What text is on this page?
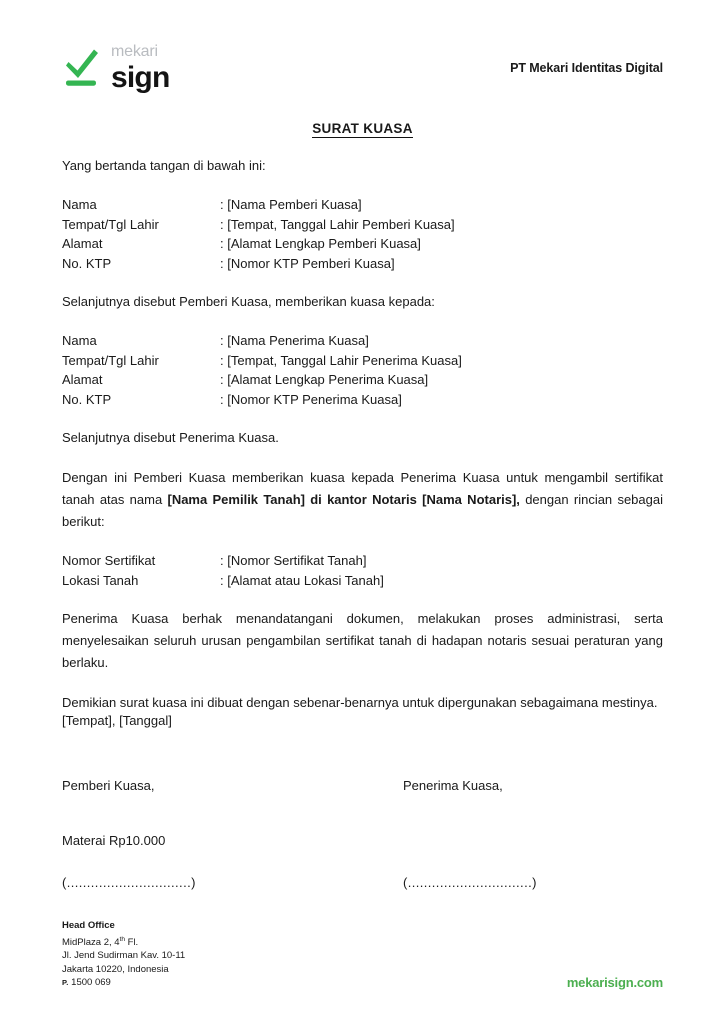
mekari
sign	PT Mekari Identitas Digital
SURAT KUASA

Yang bertanda tangan di bawah ini:

Nama	: [Nama Pemberi Kuasa]
Tempat/Tgl Lahir	: [Tempat, Tanggal Lahir Pemberi Kuasa]
Alamat	: [Alamat Lengkap Pemberi Kuasa]
No. KTP	: [Nomor KTP Pemberi Kuasa]

Selanjutnya disebut Pemberi Kuasa, memberikan kuasa kepada:

Nama	: [Nama Penerima Kuasa]
Tempat/Tgl Lahir	: [Tempat, Tanggal Lahir Penerima Kuasa]
Alamat	: [Alamat Lengkap Penerima Kuasa]
No. KTP	: [Nomor KTP Penerima Kuasa]

Selanjutnya disebut Penerima Kuasa.

Dengan ini Pemberi Kuasa memberikan kuasa kepada Penerima Kuasa untuk mengambil sertifikat tanah atas nama [Nama Pemilik Tanah] di kantor Notaris [Nama Notaris], dengan rincian sebagai berikut:

Nomor Sertifikat	: [Nomor Sertifikat Tanah]
Lokasi Tanah	: [Alamat atau Lokasi Tanah]

Penerima Kuasa berhak menandatangani dokumen, melakukan proses administrasi, serta menyelesaikan seluruh urusan pengambilan sertifikat tanah di hadapan notaris sesuai peraturan yang berlaku.

Demikian surat kuasa ini dibuat dengan sebenar-benarnya untuk dipergunakan sebagaimana mestinya.

[Tempat], [Tanggal]
Pemberi Kuasa,	Penerima Kuasa,
Materai Rp10.000
(...............................)	(...............................)
Head Office
MidPlaza 2, 4th Fl.
Jl. Jend Sudirman Kav. 10-11
Jakarta 10220, Indonesia
P. 1500 069	mekarisign.com
